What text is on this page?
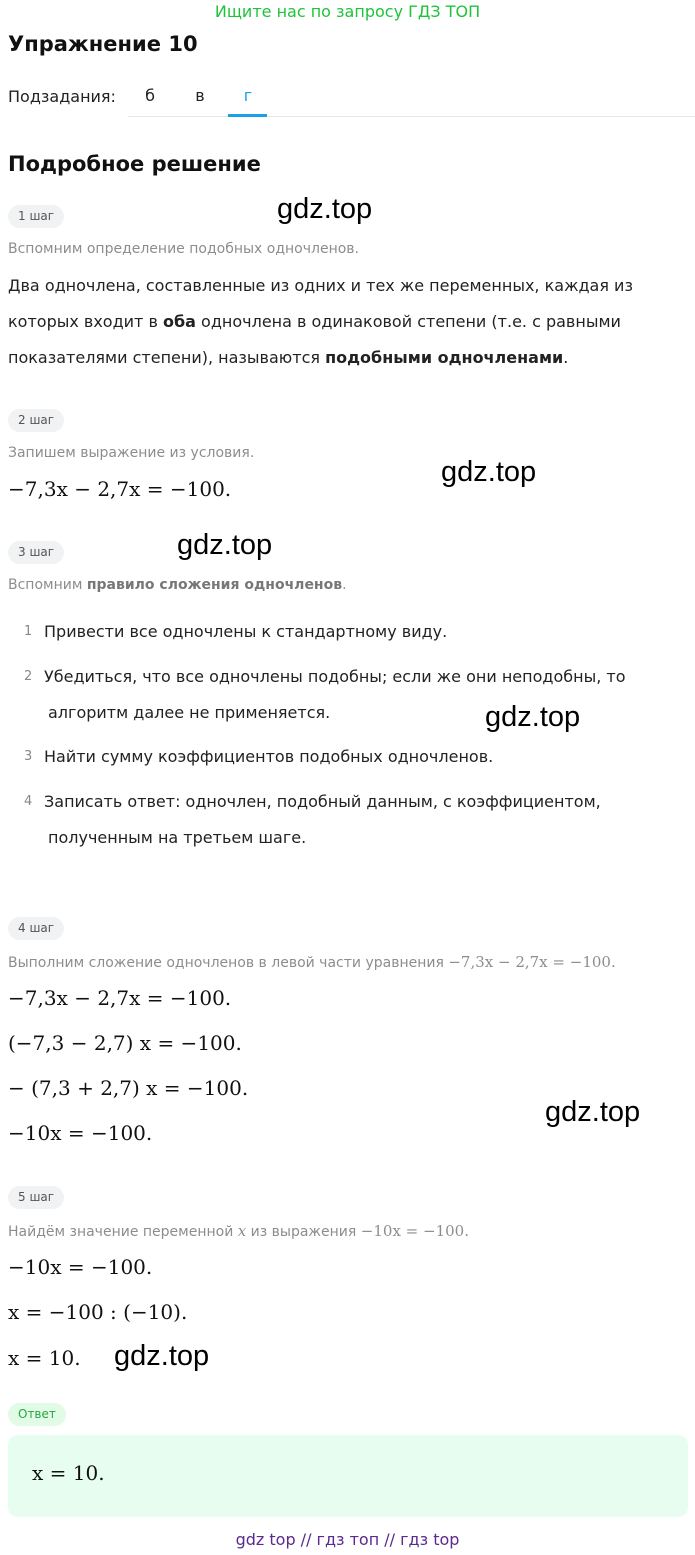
Ищите нас по запросу ГДЗ ТОП
Упражнение 10
Подзадания:	б	в	г
Подробное решение
1 шаг
Вспомним определение подобных одночленов.
Два одночлена, составленные из одних и тех же переменных, каждая из
которых входит в оба одночлена в одинаковой степени (т.е. с равными
показателями степени), называются подобными одночленами.
2 шаг
Запишем выражение из условия.
−7,3x − 2,7x = −100.
3 шаг
Вспомним правило сложения одночленов.
1 Привести все одночлены к стандартному виду.
2 Убедиться, что все одночлены подобны; если же они неподобны, то
алгоритм далее не применяется.
3 Найти сумму коэффициентов подобных одночленов.
4 Записать ответ: одночлен, подобный данным, с коэффициентом,
полученным на третьем шаге.
4 шаг
Выполним сложение одночленов в левой части уравнения −7,3x − 2,7x = −100.
−7,3x − 2,7x = −100.
(−7,3 − 2,7) x = −100.
− (7,3 + 2,7) x = −100.
−10x = −100.
5 шаг
Найдём значение переменной x из выражения −10x = −100.
−10x = −100.
x = −100 : (−10).
x = 10.
Ответ
x = 10.
gdz.top
gdz.top
gdz.top
gdz.top
gdz.top
gdz.top
gdz top // гдз топ // гдз top
